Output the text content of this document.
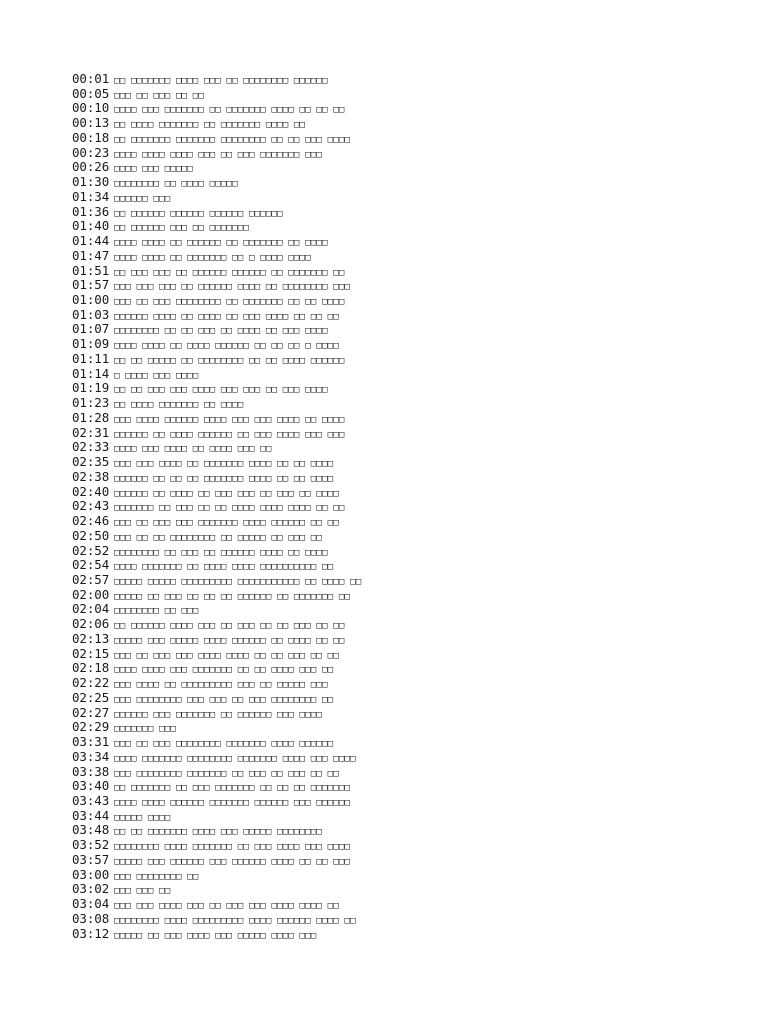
00:01 □□ □□□□□□□ □□□□ □□□ □□ □□□□□□□□ □□□□□□
00:05 □□□ □□ □□□ □□ □□
00:10 □□□□ □□□ □□□□□□□ □□ □□□□□□□ □□□□ □□ □□ □□
00:13 □□ □□□□ □□□□□□□ □□ □□□□□□□ □□□□ □□
00:18 □□ □□□□□□□ □□□□□□□ □□□□□□□□ □□ □□ □□□ □□□□
00:23 □□□□ □□□□ □□□□ □□□ □□ □□□ □□□□□□□ □□□
00:26 □□□□ □□□ □□□□□
01:30 □□□□□□□□ □□ □□□□ □□□□□
01:34 □□□□□□ □□□
01:36 □□ □□□□□□ □□□□□□ □□□□□□ □□□□□□
01:40 □□ □□□□□□ □□□ □□ □□□□□□□
01:44 □□□□ □□□□ □□ □□□□□□ □□ □□□□□□□ □□ □□□□
01:47 □□□□ □□□□ □□ □□□□□□□ □□ □ □□□□ □□□□
01:51 □□ □□□ □□□ □□ □□□□□□ □□□□□□ □□ □□□□□□□ □□
01:57 □□□ □□□ □□□ □□ □□□□□□ □□□□ □□ □□□□□□□□ □□□
01:00 □□□ □□ □□□ □□□□□□□□ □□ □□□□□□□ □□ □□ □□□□
01:03 □□□□□□ □□□□ □□ □□□□ □□ □□□ □□□□ □□ □□ □□
01:07 □□□□□□□□ □□ □□ □□□ □□ □□□□ □□ □□□ □□□□
01:09 □□□□ □□□□ □□ □□□□ □□□□□□ □□ □□ □□ □ □□□□
01:11 □□ □□ □□□□□ □□ □□□□□□□□ □□ □□ □□□□ □□□□□□
01:14 □ □□□□ □□□ □□□□
01:19 □□ □□ □□□ □□□ □□□□ □□□ □□□ □□ □□□ □□□□
01:23 □□ □□□□ □□□□□□□ □□ □□□□
01:28 □□□ □□□□ □□□□□□ □□□□ □□□ □□□ □□□□ □□ □□□□
02:31 □□□□□□ □□ □□□□ □□□□□□ □□ □□□ □□□□ □□□ □□□
02:33 □□□□ □□□ □□□□ □□ □□□□ □□□ □□
02:35 □□□ □□□ □□□□ □□ □□□□□□□ □□□□ □□ □□ □□□□
02:38 □□□□□□ □□ □□ □□ □□□□□□□ □□□□ □□ □□ □□□□
02:40 □□□□□□ □□ □□□□ □□ □□□ □□□ □□ □□□ □□ □□□□
02:43 □□□□□□□ □□ □□□ □□ □□ □□□□ □□□□ □□□□ □□ □□
02:46 □□□ □□ □□□ □□□ □□□□□□□ □□□□ □□□□□□ □□ □□
02:50 □□□ □□ □□ □□□□□□□□ □□ □□□□□ □□ □□□ □□
02:52 □□□□□□□□ □□ □□□ □□ □□□□□□ □□□□ □□ □□□□
02:54 □□□□ □□□□□□□ □□ □□□□ □□□□ □□□□□□□□□□ □□
02:57 □□□□□ □□□□□ □□□□□□□□□ □□□□□□□□□□□ □□ □□□□ □□
02:00 □□□□□ □□ □□□ □□ □□ □□ □□□□□□ □□ □□□□□□□ □□
02:04 □□□□□□□□ □□ □□□
02:06 □□ □□□□□□ □□□□ □□□ □□ □□□ □□ □□ □□□ □□ □□
02:13 □□□□□ □□□ □□□□□ □□□□ □□□□□□ □□ □□□□ □□ □□
02:15 □□□ □□ □□□ □□□ □□□□ □□□□ □□ □□ □□□ □□ □□
02:18 □□□□ □□□□ □□□ □□□□□□□ □□ □□ □□□□ □□□ □□
02:22 □□□ □□□□ □□ □□□□□□□□□ □□□ □□ □□□□□ □□□
02:25 □□□ □□□□□□□□ □□□ □□□ □□ □□□ □□□□□□□□ □□
02:27 □□□□□□ □□□ □□□□□□□ □□ □□□□□□ □□□ □□□□
02:29 □□□□□□□ □□□
03:31 □□□ □□ □□□ □□□□□□□□ □□□□□□□ □□□□ □□□□□□
03:34 □□□□ □□□□□□□ □□□□□□□□ □□□□□□□ □□□□ □□□ □□□□
03:38 □□□ □□□□□□□□ □□□□□□□ □□ □□□ □□ □□□ □□ □□
03:40 □□ □□□□□□□ □□ □□□ □□□□□□□ □□ □□ □□ □□□□□□□
03:43 □□□□ □□□□ □□□□□□ □□□□□□□ □□□□□□ □□□ □□□□□□
03:44 □□□□□ □□□□
03:48 □□ □□ □□□□□□□ □□□□ □□□ □□□□□ □□□□□□□□
03:52 □□□□□□□□ □□□□ □□□□□□□ □□ □□□ □□□□ □□□ □□□□
03:57 □□□□□ □□□ □□□□□□ □□□ □□□□□□ □□□□ □□ □□ □□□
03:00 □□□ □□□□□□□□ □□
03:02 □□□ □□□ □□
03:04 □□□ □□□ □□□□ □□□ □□ □□□ □□□ □□□□ □□□□ □□
03:08 □□□□□□□□ □□□□ □□□□□□□□□ □□□□ □□□□□□ □□□□ □□
03:12 □□□□□ □□ □□□ □□□□ □□□ □□□□□ □□□□ □□□
